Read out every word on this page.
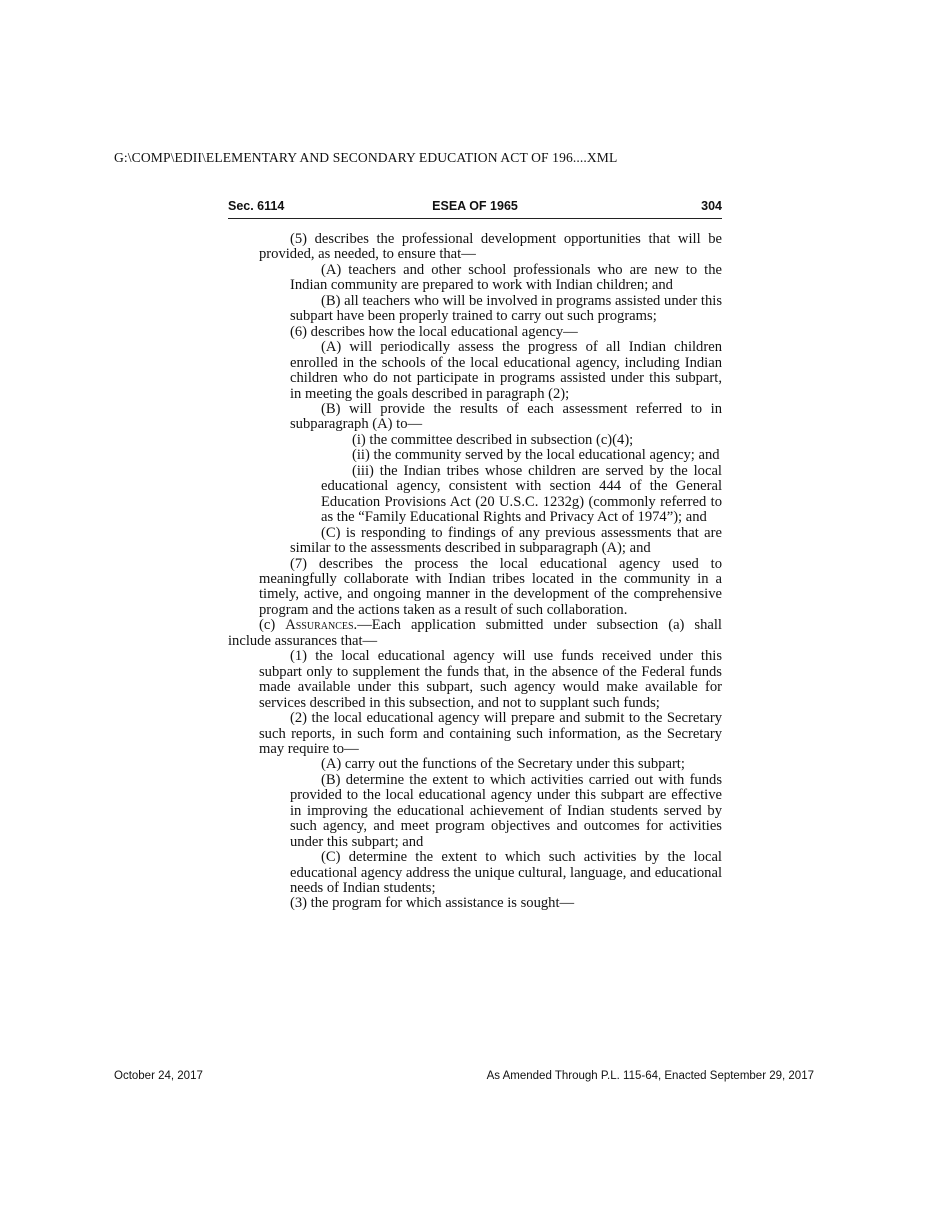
G:\COMP\EDII\ELEMENTARY AND SECONDARY EDUCATION ACT OF 196....XML
Sec. 6114	ESEA OF 1965	304

(5) describes the professional development opportunities that will be provided, as needed, to ensure that—

(A) teachers and other school professionals who are new to the Indian community are prepared to work with Indian children; and

(B) all teachers who will be involved in programs assisted under this subpart have been properly trained to carry out such programs;

(6) describes how the local educational agency—

(A) will periodically assess the progress of all Indian children enrolled in the schools of the local educational agency, including Indian children who do not participate in programs assisted under this subpart, in meeting the goals described in paragraph (2);

(B) will provide the results of each assessment referred to in subparagraph (A) to—

(i) the committee described in subsection (c)(4);

(ii) the community served by the local educational agency; and

(iii) the Indian tribes whose children are served by the local educational agency, consistent with section 444 of the General Education Provisions Act (20 U.S.C. 1232g) (commonly referred to as the “Family Educational Rights and Privacy Act of 1974”); and

(C) is responding to findings of any previous assessments that are similar to the assessments described in subparagraph (A); and

(7) describes the process the local educational agency used to meaningfully collaborate with Indian tribes located in the community in a timely, active, and ongoing manner in the development of the comprehensive program and the actions taken as a result of such collaboration.

(c) Assurances.—Each application submitted under subsection (a) shall include assurances that—

(1) the local educational agency will use funds received under this subpart only to supplement the funds that, in the absence of the Federal funds made available under this subpart, such agency would make available for services described in this subsection, and not to supplant such funds;

(2) the local educational agency will prepare and submit to the Secretary such reports, in such form and containing such information, as the Secretary may require to—

(A) carry out the functions of the Secretary under this subpart;

(B) determine the extent to which activities carried out with funds provided to the local educational agency under this subpart are effective in improving the educational achievement of Indian students served by such agency, and meet program objectives and outcomes for activities under this subpart; and

(C) determine the extent to which such activities by the local educational agency address the unique cultural, language, and educational needs of Indian students;

(3) the program for which assistance is sought—

October 24, 2017	As Amended Through P.L. 115-64, Enacted September 29, 2017
